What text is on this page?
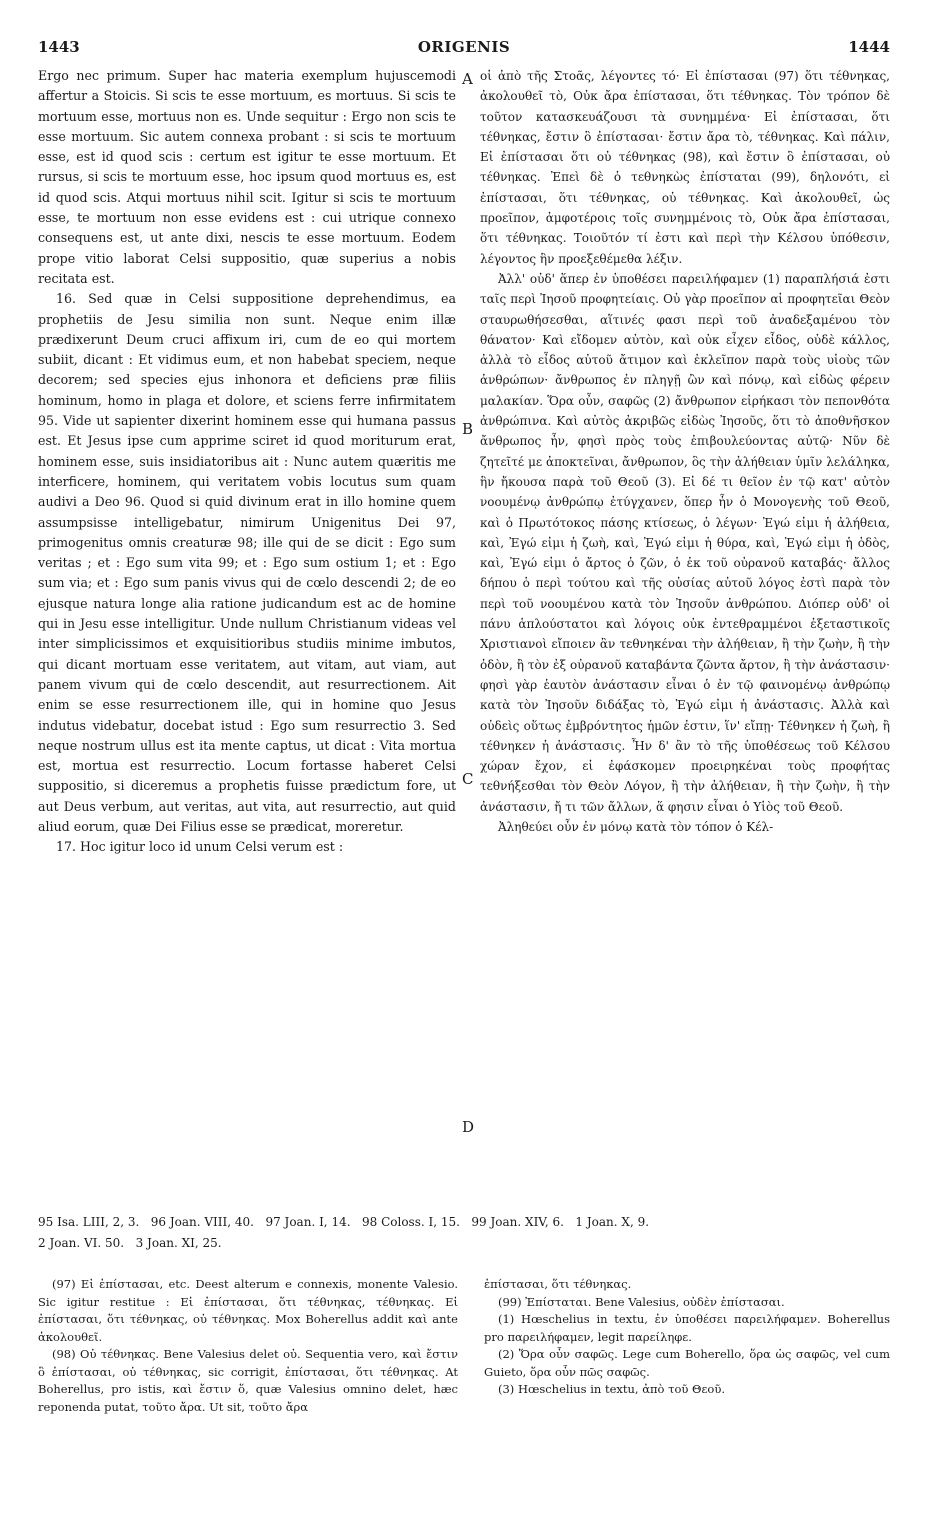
1443	ORIGENIS	1444
A
B
C
D

Ergo nec primum. Super hac materia exemplum hujuscemodi affertur a Stoicis. Si scis te esse mortuum, es mortuus. Si scis te mortuum esse, mortuus non es. Unde sequitur : Ergo non scis te esse mortuum. Sic autem connexa probant : si scis te mortuum esse, est id quod scis : certum est igitur te esse mortuum. Et rursus, si scis te mortuum esse, hoc ipsum quod mortuus es, est id quod scis. Atqui mortuus nihil scit. Igitur si scis te mortuum esse, te mortuum non esse evidens est : cui utrique connexo consequens est, ut ante dixi, nescis te esse mortuum. Eodem prope vitio laborat Celsi suppositio, quæ superius a nobis recitata est.

16. Sed quæ in Celsi suppositione deprehendimus, ea prophetiis de Jesu similia non sunt. Neque enim illæ prædixerunt Deum cruci affixum iri, cum de eo qui mortem subiit, dicant : Et vidimus eum, et non habebat speciem, neque decorem; sed species ejus inhonora et deficiens præ filiis hominum, homo in plaga et dolore, et sciens ferre infirmitatem 95. Vide ut sapienter dixerint hominem esse qui humana passus est. Et Jesus ipse cum apprime sciret id quod moriturum erat, hominem esse, suis insidiatoribus ait : Nunc autem quæritis me interficere, hominem, qui veritatem vobis locutus sum quam audivi a Deo 96. Quod si quid divinum erat in illo homine quem assumpsisse intelligebatur, nimirum Unigenitus Dei 97, primogenitus omnis creaturæ 98; ille qui de se dicit : Ego sum veritas ; et : Ego sum vita 99; et : Ego sum ostium 1; et : Ego sum via; et : Ego sum panis vivus qui de cœlo descendi 2; de eo ejusque natura longe alia ratione judicandum est ac de homine qui in Jesu esse intelligitur. Unde nullum Christianum videas vel inter simplicissimos et exquisitioribus studiis minime imbutos, qui dicant mortuam esse veritatem, aut vitam, aut viam, aut panem vivum qui de cœlo descendit, aut resurrectionem. Ait enim se esse resurrectionem ille, qui in homine quo Jesus indutus videbatur, docebat istud : Ego sum resurrectio 3. Sed neque nostrum ullus est ita mente captus, ut dicat : Vita mortua est, mortua est resurrectio. Locum fortasse haberet Celsi suppositio, si diceremus a prophetis fuisse prædictum fore, ut aut Deus verbum, aut veritas, aut vita, aut resurrectio, aut quid aliud eorum, quæ Dei Filius esse se prædicat, moreretur.

17. Hoc igitur loco id unum Celsi verum est :

οἱ ἀπὸ τῆς Στοᾶς, λέγοντες τό· Εἰ ἐπίστασαι (97) ὅτι τέθνηκας, ἀκολουθεῖ τὸ, Οὐκ ἄρα ἐπίστασαι, ὅτι τέθνηκας. Τὸν τρόπον δὲ τοῦτον κατασκευάζουσι τὰ συνημμένα· Εἰ ἐπίστασαι, ὅτι τέθνηκας, ἔστιν ὃ ἐπίστασαι· ἔστιν ἄρα τὸ, τέθνηκας. Καὶ πάλιν, Εἰ ἐπίστασαι ὅτι οὐ τέθνηκας (98), καὶ ἔστιν ὃ ἐπίστασαι, οὐ τέθνηκας. Ἐπεὶ δὲ ὁ τεθνηκὼς ἐπίσταται (99), δηλονότι, εἰ ἐπίστασαι, ὅτι τέθνηκας, οὐ τέθνηκας. Καὶ ἀκολουθεῖ, ὡς προεῖπον, ἀμφοτέροις τοῖς συνημμένοις τὸ, Οὐκ ἄρα ἐπίστασαι, ὅτι τέθνηκας. Τοιοῦτόν τί ἐστι καὶ περὶ τὴν Κέλσου ὑπόθεσιν, λέγοντος ἣν προεξεθέμεθα λέξιν.

Ἀλλ' οὐδ' ἅπερ ἐν ὑποθέσει παρειλήφαμεν (1) παραπλήσιά ἐστι ταῖς περὶ Ἰησοῦ προφητείαις. Οὐ γὰρ προεῖπον αἱ προφητεῖαι Θεὸν σταυρωθήσεσθαι, αἵτινές φασι περὶ τοῦ ἀναδεξαμένου τὸν θάνατον· Καὶ εἴδομεν αὐτὸν, καὶ οὐκ εἶχεν εἶδος, οὐδὲ κάλλος, ἀλλὰ τὸ εἶδος αὐτοῦ ἄτιμον καὶ ἐκλεῖπον παρὰ τοὺς υἱοὺς τῶν ἀνθρώπων· ἄνθρωπος ἐν πληγῇ ὢν καὶ πόνῳ, καὶ εἰδὼς φέρειν μαλακίαν. Ὅρα οὖν, σαφῶς (2) ἄνθρωπον εἰρήκασι τὸν πεπονθότα ἀνθρώπινα. Καὶ αὐτὸς ἀκριβῶς εἰδὼς Ἰησοῦς, ὅτι τὸ ἀποθνῆσκον ἄνθρωπος ἦν, φησὶ πρὸς τοὺς ἐπιβουλεύοντας αὐτῷ· Νῦν δὲ ζητεῖτέ με ἀποκτεῖναι, ἄνθρωπον, ὃς τὴν ἀλήθειαν ὑμῖν λελάληκα, ἣν ἤκουσα παρὰ τοῦ Θεοῦ (3). Εἰ δέ τι θεῖον ἐν τῷ κατ' αὐτὸν νοουμένῳ ἀνθρώπῳ ἐτύγχανεν, ὅπερ ἦν ὁ Μονογενὴς τοῦ Θεοῦ, καὶ ὁ Πρωτότοκος πάσης κτίσεως, ὁ λέγων· Ἐγώ εἰμι ἡ ἀλήθεια, καὶ, Ἐγώ εἰμι ἡ ζωὴ, καὶ, Ἐγώ εἰμι ἡ θύρα, καὶ, Ἐγώ εἰμι ἡ ὁδὸς, καὶ, Ἐγώ εἰμι ὁ ἄρτος ὁ ζῶν, ὁ ἐκ τοῦ οὐρανοῦ καταβάς· ἄλλος δήπου ὁ περὶ τούτου καὶ τῆς οὐσίας αὐτοῦ λόγος ἐστὶ παρὰ τὸν περὶ τοῦ νοουμένου κατὰ τὸν Ἰησοῦν ἀνθρώπου. Διόπερ οὐδ' οἱ πάνυ ἁπλούστατοι καὶ λόγοις οὐκ ἐντεθραμμένοι ἐξεταστικοῖς Χριστιανοὶ εἴποιεν ἂν τεθνηκέναι τὴν ἀλήθειαν, ἢ τὴν ζωὴν, ἢ τὴν ὁδὸν, ἢ τὸν ἐξ οὐρανοῦ καταβάντα ζῶντα ἄρτον, ἢ τὴν ἀνάστασιν· φησὶ γὰρ ἑαυτὸν ἀνάστασιν εἶναι ὁ ἐν τῷ φαινομένῳ ἀνθρώπῳ κατὰ τὸν Ἰησοῦν διδάξας τὸ, Ἐγώ εἰμι ἡ ἀνάστασις. Ἀλλὰ καὶ οὐδεὶς οὕτως ἐμβρόντητος ἡμῶν ἐστιν, ἵν' εἴπῃ· Τέθνηκεν ἡ ζωὴ, ἢ τέθνηκεν ἡ ἀνάστασις. Ἦν δ' ἂν τὸ τῆς ὑποθέσεως τοῦ Κέλσου χώραν ἔχον, εἰ ἐφάσκομεν προειρηκέναι τοὺς προφήτας τεθνήξεσθαι τὸν Θεὸν Λόγον, ἢ τὴν ἀλήθειαν, ἢ τὴν ζωὴν, ἢ τὴν ἀνάστασιν, ἤ τι τῶν ἄλλων, ἅ φησιν εἶναι ὁ Υἱὸς τοῦ Θεοῦ.

Ἀληθεύει οὖν ἐν μόνῳ κατὰ τὸν τόπον ὁ Κέλ-

95 Isa. LIII, 2, 3. 96 Joan. VIII, 40. 97 Joan. I, 14. 98 Coloss. I, 15. 99 Joan. XIV, 6. 1 Joan. X, 9.
2 Joan. VI. 50. 3 Joan. XI, 25.

(97) Εἰ ἐπίστασαι, etc. Deest alterum e connexis, monente Valesio. Sic igitur restitue : Εἰ ἐπίστασαι, ὅτι τέθνηκας, τέθνηκας. Εἰ ἐπίστασαι, ὅτι τέθνηκας, οὐ τέθνηκας. Mox Boherellus addit καὶ ante ἀκολουθεῖ.

(98) Οὐ τέθνηκας. Bene Valesius delet οὐ. Sequentia vero, καὶ ἔστιν ὃ ἐπίστασαι, οὐ τέθνηκας, sic corrigit, ἐπίστασαι, ὅτι τέθνηκας. At Boherellus, pro istis, καὶ ἔστιν ὅ, quæ Valesius omnino delet, hæc reponenda putat, τοῦτο ἄρα. Ut sit, τοῦτο ἄρα

ἐπίστασαι, ὅτι τέθνηκας.

(99) Ἐπίσταται. Bene Valesius, οὐδὲν ἐπίστασαι.

(1) Hœschelius in textu, ἐν ὑποθέσει παρειλήφαμεν. Boherellus pro παρειλήφαμεν, legit παρείληφε.

(2) Ὅρα οὖν σαφῶς. Lege cum Boherello, ὅρα ὡς σαφῶς, vel cum Guieto, ὅρα οὖν πῶς σαφῶς.

(3) Hœschelius in textu, ἀπὸ τοῦ Θεοῦ.
